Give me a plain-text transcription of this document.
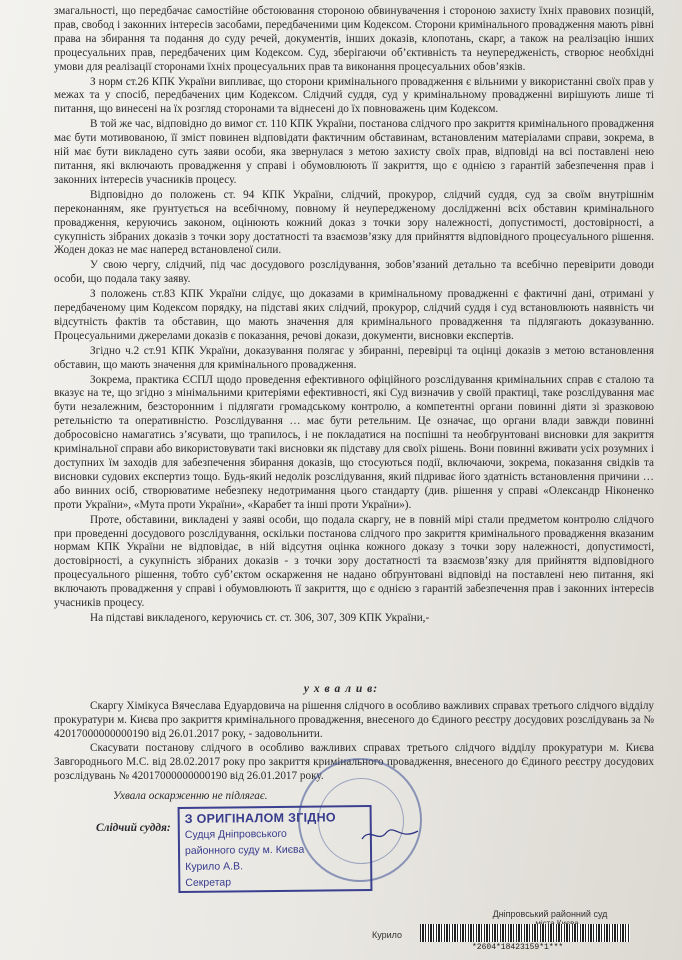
змагальності, що передбачає самостійне обстоювання стороною обвинувачення і стороною захисту їхніх правових позицій, прав, свобод і законних інтересів засобами, передбаченими цим Кодексом. Сторони кримінального провадження мають рівні права на збирання та подання до суду речей, документів, інших доказів, клопотань, скарг, а також на реалізацію інших процесуальних прав, передбачених цим Кодексом. Суд, зберігаючи об’єктивність та неупередженість, створює необхідні умови для реалізації сторонами їхніх процесуальних прав та виконання процесуальних обов’язків.

З норм ст.26 КПК України випливає, що сторони кримінального провадження є вільними у використанні своїх прав у межах та у спосіб, передбачених цим Кодексом. Слідчий суддя, суд у кримінальному провадженні вирішують лише ті питання, що винесені на їх розгляд сторонами та віднесені до їх повноважень цим Кодексом.

В той же час, відповідно до вимог ст. 110 КПК України, постанова слідчого про закриття кримінального провадження має бути мотивованою, її зміст повинен відповідати фактичним обставинам, встановленим матеріалами справи, зокрема, в ній має бути викладено суть заяви особи, яка звернулася з метою захисту своїх прав, відповіді на всі поставлені нею питання, які включають провадження у справі і обумовлюють її закриття, що є однією з гарантій забезпечення прав і законних інтересів учасників процесу.

Відповідно до положень ст. 94 КПК України, слідчий, прокурор, слідчий суддя, суд за своїм внутрішнім переконанням, яке ґрунтується на всебічному, повному й неупередженому дослідженні всіх обставин кримінального провадження, керуючись законом, оцінюють кожний доказ з точки зору належності, допустимості, достовірності, а сукупність зібраних доказів з точки зору достатності та взаємозв’язку для прийняття відповідного процесуального рішення. Жоден доказ не має наперед встановленої сили.

У свою чергу, слідчий, під час досудового розслідування, зобов’язаний детально та всебічно перевірити доводи особи, що подала таку заяву.

З положень ст.83 КПК України слідує, що доказами в кримінальному провадженні є фактичні дані, отримані у передбаченому цим Кодексом порядку, на підставі яких слідчий, прокурор, слідчий суддя і суд встановлюють наявність чи відсутність фактів та обставин, що мають значення для кримінального провадження та підлягають доказуванню. Процесуальними джерелами доказів є показання, речові докази, документи, висновки експертів.

Згідно ч.2 ст.91 КПК України, доказування полягає у збиранні, перевірці та оцінці доказів з метою встановлення обставин, що мають значення для кримінального провадження.

Зокрема, практика ЄСПЛ щодо проведення ефективного офіційного розслідування кримінальних справ є сталою та вказує на те, що згідно з мінімальними критеріями ефективності, які Суд визначив у своїй практиці, таке розслідування має бути незалежним, безсторонним і підлягати громадському контролю, а компетентні органи повинні діяти зі зразковою ретельністю та оперативністю. Розслідування … має бути ретельним. Це означає, що органи влади завжди повинні добросовісно намагатись з’ясувати, що трапилось, і не покладатися на поспішні та необґрунтовані висновки для закриття кримінальної справи або використовувати такі висновки як підставу для своїх рішень. Вони повинні вживати усіх розумних і доступних їм заходів для забезпечення збирання доказів, що стосуються події, включаючи, зокрема, показання свідків та висновки судових експертиз тощо. Будь-який недолік розслідування, який підриває його здатність встановлення причини … або винних осіб, створюватиме небезпеку недотримання цього стандарту (див. рішення у справі «Олександр Ніконенко проти України», «Мута проти України», «Карабет та інші проти України»).

Проте, обставини, викладені у заяві особи, що подала скаргу, не в повній мірі стали предметом контролю слідчого при проведенні досудового розслідування, оскільки постанова слідчого про закриття кримінального провадження вказаним нормам КПК України не відповідає, в ній відсутня оцінка кожного доказу з точки зору належності, допустимості, достовірності, а сукупність зібраних доказів - з точки зору достатності та взаємозв’язку для прийняття відповідного процесуального рішення, тобто суб’єктом оскарження не надано обґрунтовані відповіді на поставлені нею питання, які включають провадження у справі і обумовлюють її закриття, що є однією з гарантій забезпечення прав і законних інтересів учасників процесу.

На підставі викладеного, керуючись ст. ст. 306, 307, 309 КПК України,-

у х в а л и в:

Скаргу Хімікуса Вячеслава Едуардовича на рішення слідчого в особливо важливих справах третього слідчого відділу прокуратури м. Києва про закриття кримінального провадження, внесеного до Єдиного реєстру досудових розслідувань за № 42017000000000190 від 26.01.2017 року, - задовольнити.

Скасувати постанову слідчого в особливо важливих справах третього слідчого відділу прокуратури м. Києва Завгороднього М.С. від 28.02.2017 року про закриття кримінального провадження, внесеного до Єдиного реєстру досудових розслідувань № 42017000000000190 від 26.01.2017 року.

Ухвала оскарженню не підлягає.
Слідчий суддя:
З ОРИГІНАЛОМ ЗГІДНО
Судця Дніпровського
районного суду м. Києва
Курило А.В.
Секретар
Дніпровський районний суд
Курило
*2604*18423159*1***
